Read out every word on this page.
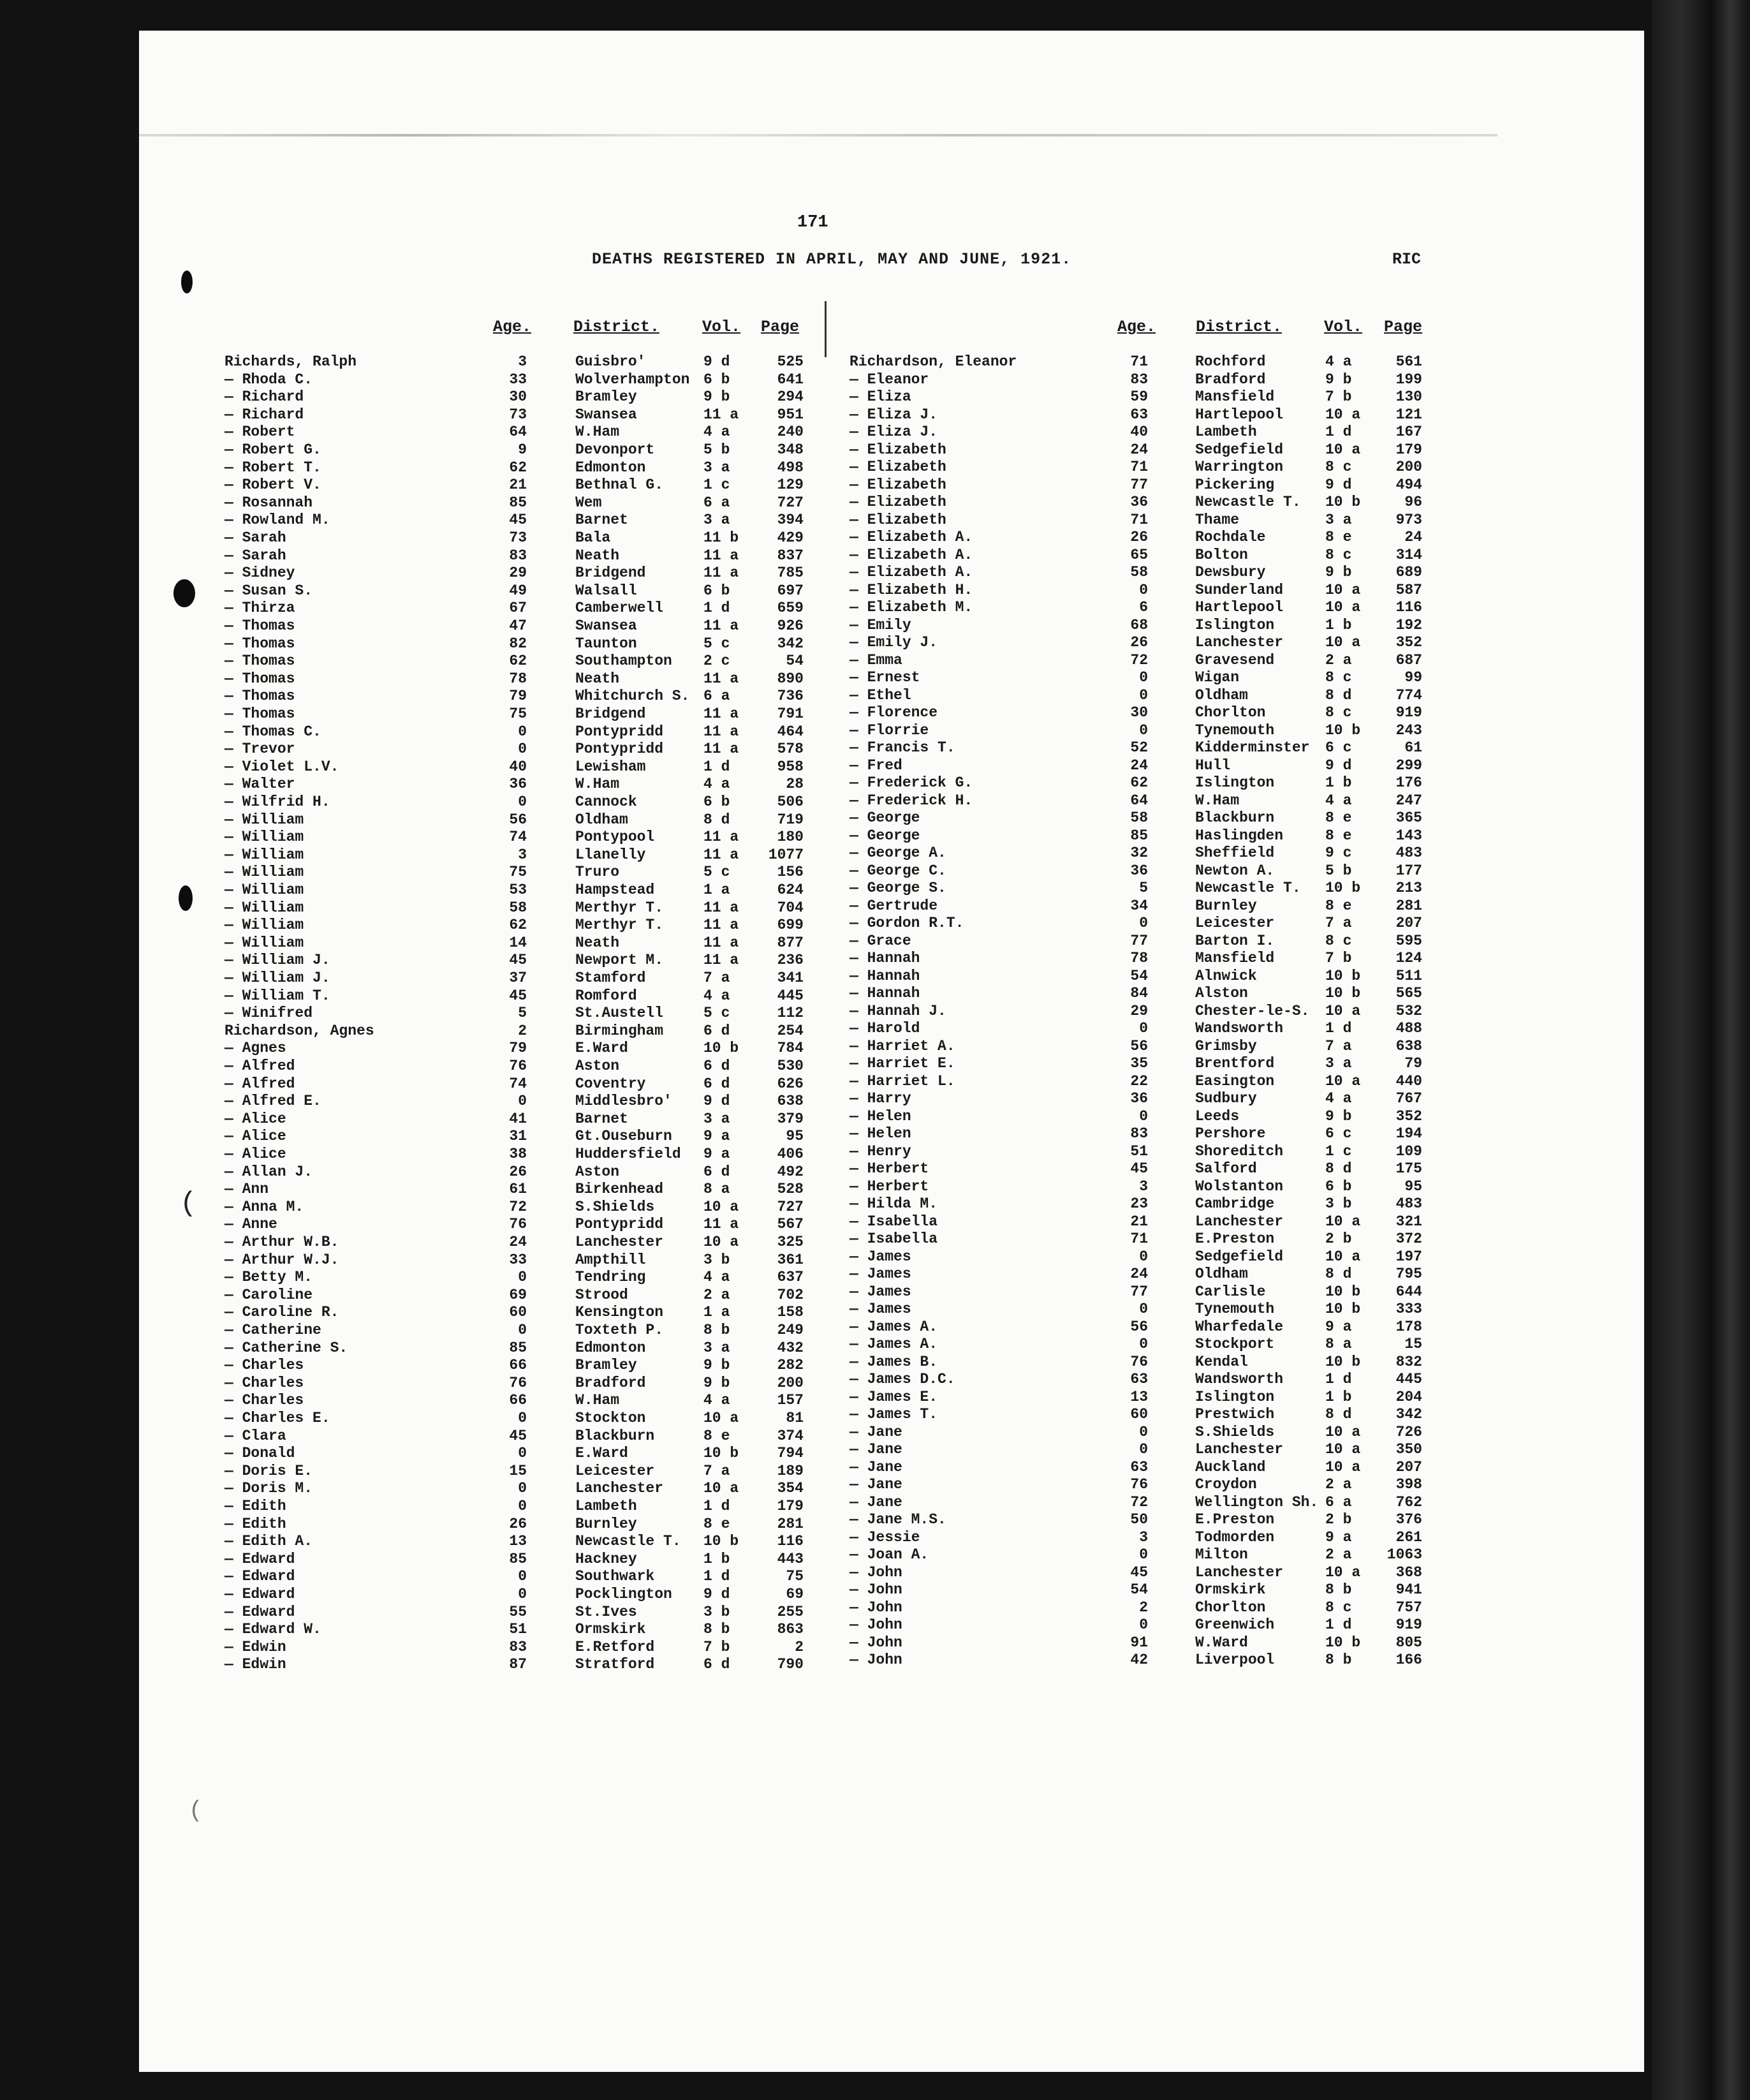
(
(
171
DEATHS REGISTERED IN APRIL, MAY AND JUNE, 1921.	RIC
Age.	District.	Vol. Page	Age.	District.	Vol. Page
Richards, Ralph	3	Guisbro'	9 d	525
— Rhoda C.	33	Wolverhampton 6 b	641
— Richard	30	Bramley	9 b	294
— Richard	73	Swansea	11 a	951
— Robert	64	W.Ham	4 a	240
— Robert G.	9	Devonport	5 b	348
— Robert T.	62	Edmonton	3 a	498
— Robert V.	21	Bethnal G.	1 c	129
— Rosannah	85	Wem	6 a	727
— Rowland M.	45	Barnet	3 a	394
— Sarah	73	Bala	11 b	429
— Sarah	83	Neath	11 a	837
— Sidney	29	Bridgend	11 a	785
— Susan S.	49	Walsall	6 b	697
— Thirza	67	Camberwell	1 d	659
— Thomas	47	Swansea	11 a	926
— Thomas	82	Taunton	5 c	342
— Thomas	62	Southampton 2 c	54
— Thomas	78	Neath	11 a	890
— Thomas	79	Whitchurch S. 6 a	736
— Thomas	75	Bridgend	11 a	791
— Thomas C.	0	Pontypridd	11 a	464
— Trevor	0	Pontypridd	11 a	578
— Violet L.V.	40	Lewisham	1 d	958
— Walter	36	W.Ham	4 a	28
— Wilfrid H.	0	Cannock	6 b	506
— William	56	Oldham	8 d	719
— William	74	Pontypool	11 a	180
— William	3	Llanelly	11 a 1077
— William	75	Truro	5 c	156
— William	53	Hampstead	1 a	624
— William	58	Merthyr T.	11 a	704
— William	62	Merthyr T.	11 a	699
— William	14	Neath	11 a	877
— William J.	45	Newport M.	11 a	236
— William J.	37	Stamford	7 a	341
— William T.	45	Romford	4 a	445
— Winifred	5	St.Austell	5 c	112
Richardson, Agnes	2	Birmingham	6 d	254
— Agnes	79	E.Ward	10 b	784
— Alfred	76	Aston	6 d	530
— Alfred	74	Coventry	6 d	626
— Alfred E.	0	Middlesbro' 9 d	638
— Alice	41	Barnet	3 a	379
— Alice	31	Gt.Ouseburn 9 a	95
— Alice	38	Huddersfield 9 a	406
— Allan J.	26	Aston	6 d	492
— Ann	61	Birkenhead	8 a	528
— Anna M.	72	S.Shields	10 a	727
— Anne	76	Pontypridd	11 a	567
— Arthur W.B.	24	Lanchester	10 a	325
— Arthur W.J.	33	Ampthill	3 b	361
— Betty M.	0	Tendring	4 a	637
— Caroline	69	Strood	2 a	702
— Caroline R.	60	Kensington	1 a	158
— Catherine	0	Toxteth P.	8 b	249
— Catherine S.	85	Edmonton	3 a	432
— Charles	66	Bramley	9 b	282
— Charles	76	Bradford	9 b	200
— Charles	66	W.Ham	4 a	157
— Charles E.	0	Stockton	10 a	81
— Clara	45	Blackburn	8 e	374
— Donald	0	E.Ward	10 b	794
— Doris E.	15	Leicester	7 a	189
— Doris M.	0	Lanchester	10 a	354
— Edith	0	Lambeth	1 d	179
— Edith	26	Burnley	8 e	281
— Edith A.	13	Newcastle T. 10 b	116
— Edward	85	Hackney	1 b	443
— Edward	0	Southwark	1 d	75
— Edward	0	Pocklington 9 d	69
— Edward	55	St.Ives	3 b	255
— Edward W.	51	Ormskirk	8 b	863
— Edwin	83	E.Retford	7 b	2
— Edwin	87	Stratford	6 d	790
Richardson, Eleanor	71	Rochford	4 a	561
— Eleanor	83	Bradford	9 b	199
— Eliza	59	Mansfield	7 b	130
— Eliza J.	63	Hartlepool	10 a 121
— Eliza J.	40	Lambeth	1 d	167
— Elizabeth	24	Sedgefield	10 a 179
— Elizabeth	71	Warrington	8 c	200
— Elizabeth	77	Pickering	9 d	494
— Elizabeth	36	Newcastle T. 10 b	96
— Elizabeth	71	Thame	3 a	973
— Elizabeth A.	26	Rochdale	8 e	24
— Elizabeth A.	65	Bolton	8 c	314
— Elizabeth A.	58	Dewsbury	9 b	689
— Elizabeth H.	0	Sunderland	10 a 587
— Elizabeth M.	6	Hartlepool	10 a 116
— Emily	68	Islington	1 b	192
— Emily J.	26	Lanchester	10 a 352
— Emma	72	Gravesend	2 a	687
— Ernest	0	Wigan	8 c	99
— Ethel	0	Oldham	8 d	774
— Florence	30	Chorlton	8 c	919
— Florrie	0	Tynemouth	10 b 243
— Francis T.	52	Kidderminster 6 c	61
— Fred	24	Hull	9 d	299
— Frederick G.	62	Islington	1 b	176
— Frederick H.	64	W.Ham	4 a	247
— George	58	Blackburn	8 e	365
— George	85	Haslingden	8 e	143
— George A.	32	Sheffield	9 c	483
— George C.	36	Newton A.	5 b	177
— George S.	5	Newcastle T. 10 b 213
— Gertrude	34	Burnley	8 e	281
— Gordon R.T.	0	Leicester	7 a	207
— Grace	77	Barton I.	8 c	595
— Hannah	78	Mansfield	7 b	124
— Hannah	54	Alnwick	10 b 511
— Hannah	84	Alston	10 b 565
— Hannah J.	29	Chester-le-S. 10 a 532
— Harold	0	Wandsworth	1 d	488
— Harriet A.	56	Grimsby	7 a	638
— Harriet E.	35	Brentford	3 a	79
— Harriet L.	22	Easington	10 a 440
— Harry	36	Sudbury	4 a	767
— Helen	0	Leeds	9 b	352
— Helen	83	Pershore	6 c	194
— Henry	51	Shoreditch	1 c	109
— Herbert	45	Salford	8 d	175
— Herbert	3	Wolstanton	6 b	95
— Hilda M.	23	Cambridge	3 b	483
— Isabella	21	Lanchester	10 a 321
— Isabella	71	E.Preston	2 b	372
— James	0	Sedgefield	10 a 197
— James	24	Oldham	8 d	795
— James	77	Carlisle	10 b 644
— James	0	Tynemouth	10 b 333
— James A.	56	Wharfedale	9 a	178
— James A.	0	Stockport	8 a	15
— James B.	76	Kendal	10 b 832
— James D.C.	63	Wandsworth	1 d	445
— James E.	13	Islington	1 b	204
— James T.	60	Prestwich	8 d	342
— Jane	0	S.Shields	10 a 726
— Jane	0	Lanchester	10 a 350
— Jane	63	Auckland	10 a 207
— Jane	76	Croydon	2 a	398
— Jane	72	Wellington Sh. 6 a	762
— Jane M.S.	50	E.Preston	2 b	376
— Jessie	3	Todmorden	9 a	261
— Joan A.	0	Milton	2 a 1063
— John	45	Lanchester	10 a 368
— John	54	Ormskirk	8 b	941
— John	2	Chorlton	8 c	757
— John	0	Greenwich	1 d	919
— John	91	W.Ward	10 b 805
— John	42	Liverpool	8 b	166
